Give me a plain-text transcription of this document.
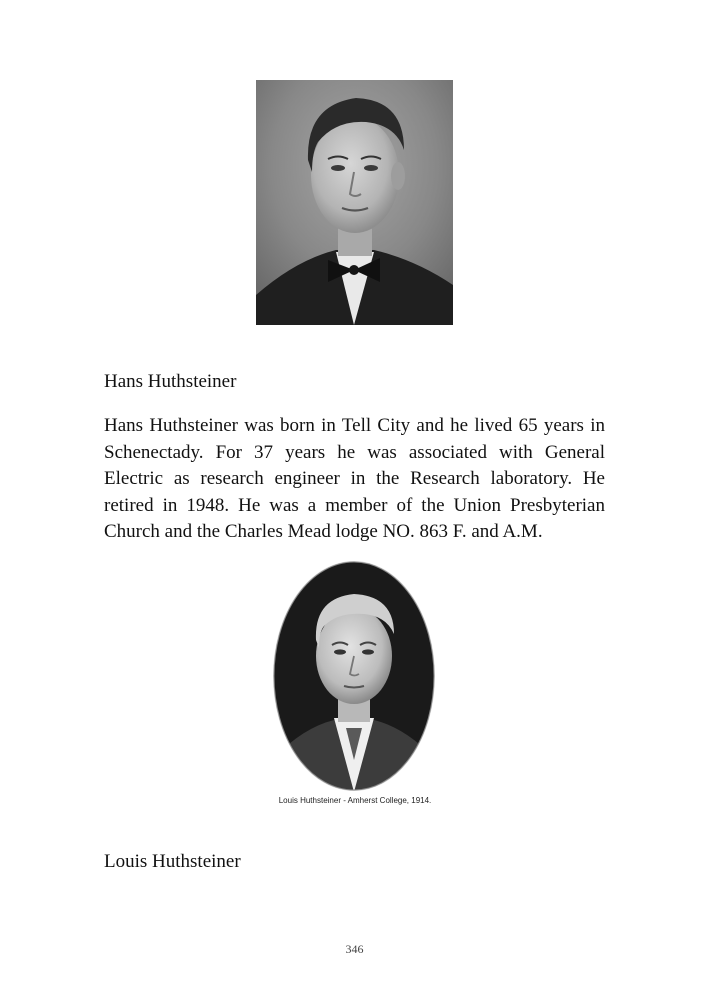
Hans Huthsteiner

Hans Huthsteiner was born in Tell City and he lived 65 years in Schenectady. For 37 years he was associated with General Electric as research engineer in the Research laboratory. He retired in 1948. He was a member of the Union Presbyterian Church and the Charles Mead lodge NO. 863 F. and A.M.

Louis Huthsteiner - Amherst College, 1914.
Louis Huthsteiner
346
